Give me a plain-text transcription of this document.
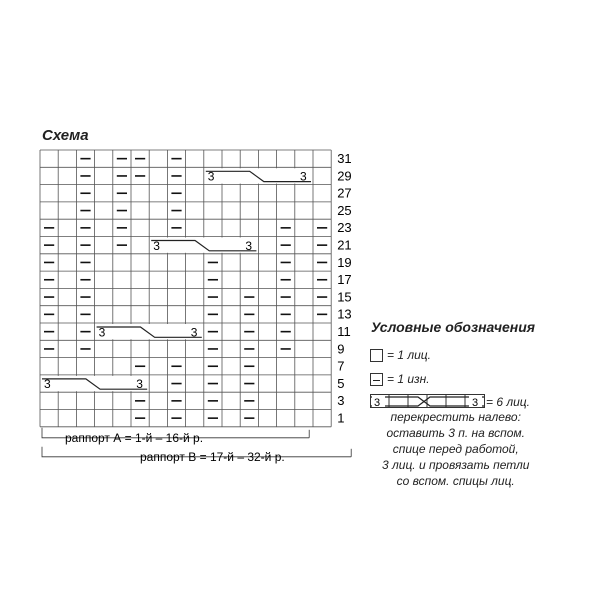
Схема
3	3
3	3
3	3
3	3
31
29
27
25
23
21
19
17
15
13
11
9
7
5
3
1
раппорт А = 1-й – 16-й р.
раппорт В = 17-й – 32-й р.
Условные обозначения
= 1 лиц.
= 1 изн.
3	3 = 6 лиц.
перекрестить налево:
оставить 3 п. на вспом.
спице перед работой,
3 лиц. и провязать петли
со вспом. спицы лиц.
